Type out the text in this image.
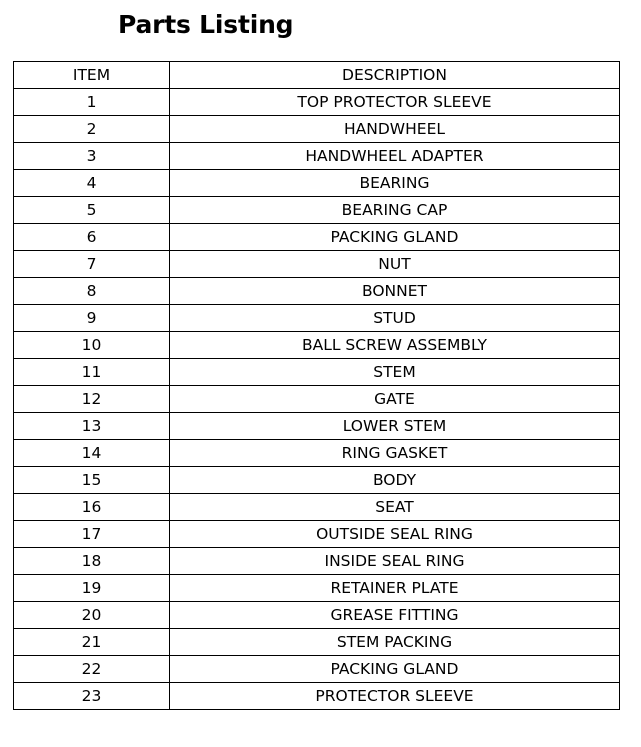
Parts Listing
ITEM	DESCRIPTION
1	TOP PROTECTOR SLEEVE
2	HANDWHEEL
3	HANDWHEEL ADAPTER
4	BEARING
5	BEARING CAP
6	PACKING GLAND
7	NUT
8	BONNET
9	STUD
10	BALL SCREW ASSEMBLY
11	STEM
12	GATE
13	LOWER STEM
14	RING GASKET
15	BODY
16	SEAT
17	OUTSIDE SEAL RING
18	INSIDE SEAL RING
19	RETAINER PLATE
20	GREASE FITTING
21	STEM PACKING
22	PACKING GLAND
23	PROTECTOR SLEEVE
